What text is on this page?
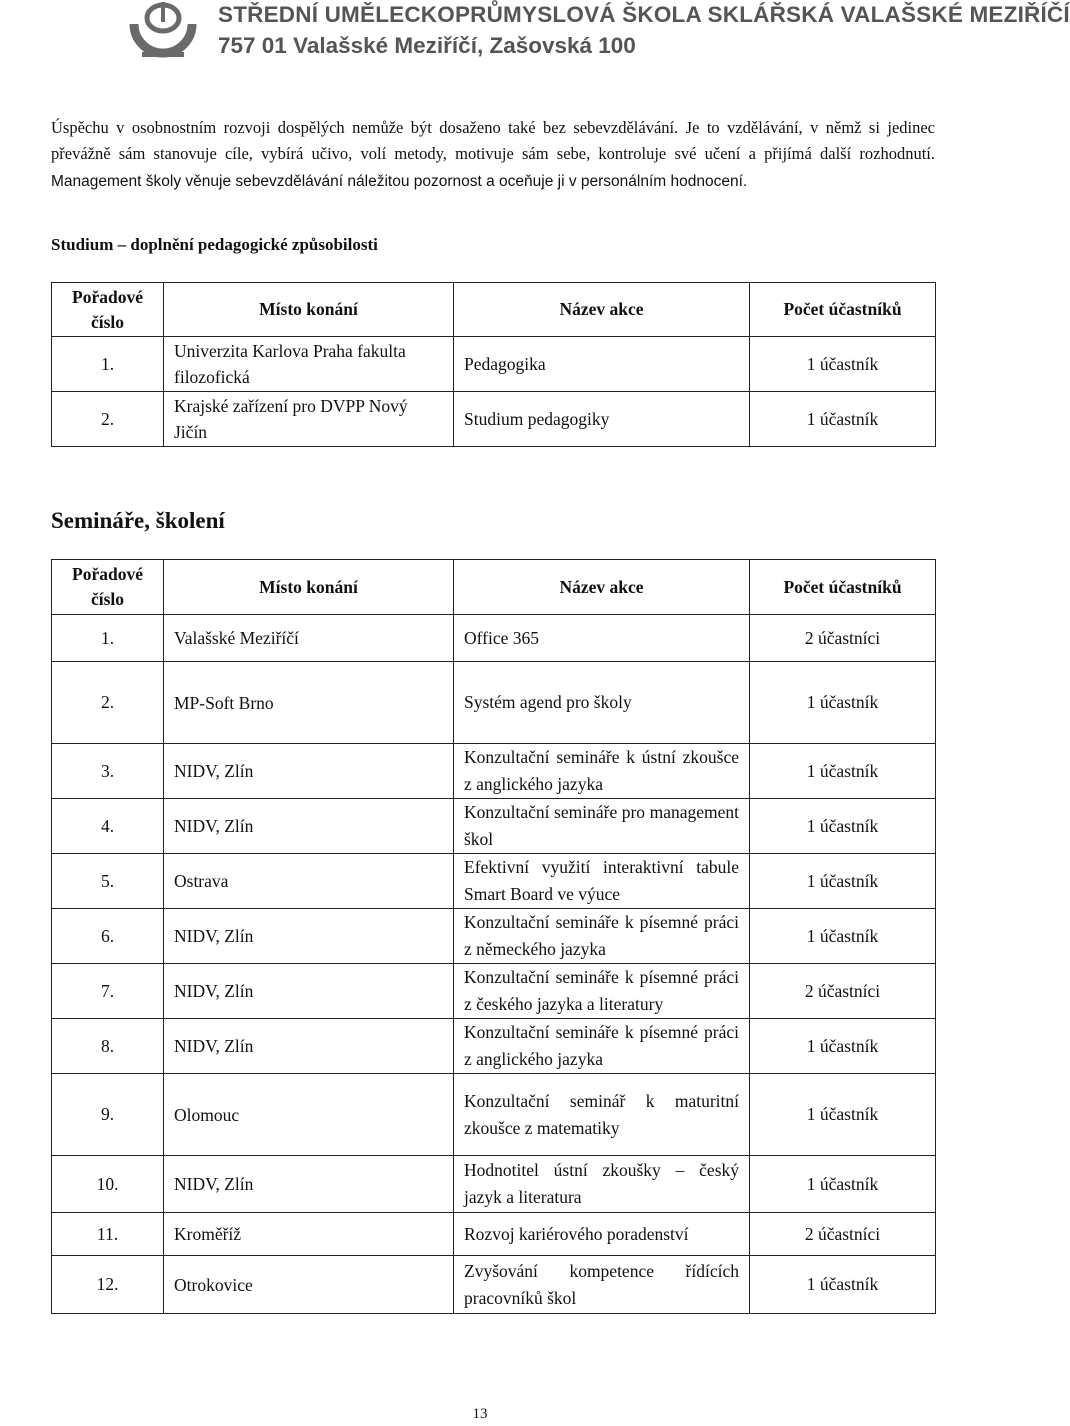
STŘEDNÍ UMĚLECKOPRŮMYSLOVÁ ŠKOLA SKLÁŘSKÁ VALAŠSKÉ MEZIŘÍČÍ
757 01 Valašské Meziříčí, Zašovská 100
Úspěchu v osobnostním rozvoji dospělých nemůže být dosaženo také bez sebevzdělávání. Je to vzdělávání, v němž si jedinec převážně sám stanovuje cíle, vybírá učivo, volí metody, motivuje sám sebe, kontroluje své učení a přijímá další rozhodnutí. Management školy věnuje sebevzdělávání náležitou pozornost a oceňuje ji v personálním hodnocení.
Studium – doplnění pedagogické způsobilosti
Pořadové číslo	Místo konání	Název akce	Počet účastníků
1.	Univerzita Karlova Praha fakulta filozofická	Pedagogika	1 účastník
2.	Krajské zařízení pro DVPP Nový Jičín	Studium pedagogiky	1 účastník
Semináře, školení
Pořadové číslo	Místo konání	Název akce	Počet účastníků
1.	Valašské Meziříčí	Office 365	2 účastníci
2.	MP-Soft Brno	Systém agend pro školy	1 účastník
3.	NIDV, Zlín	Konzultační semináře k ústní zkoušce z anglického jazyka	1 účastník
4.	NIDV, Zlín	Konzultační semináře pro management škol	1 účastník
5.	Ostrava	Efektivní využití interaktivní tabule Smart Board ve výuce	1 účastník
6.	NIDV, Zlín	Konzultační semináře k písemné práci z německého jazyka	1 účastník
7.	NIDV, Zlín	Konzultační semináře k písemné práci z českého jazyka a literatury	2 účastníci
8.	NIDV, Zlín	Konzultační semináře k písemné práci z anglického jazyka	1 účastník
9.	Olomouc	Konzultační seminář k maturitní zkoušce z matematiky	1 účastník
10.	NIDV, Zlín	Hodnotitel ústní zkoušky – český jazyk a literatura	1 účastník
11.	Kroměříž	Rozvoj kariérového poradenství	2 účastníci
12.	Otrokovice	Zvyšování kompetence řídících pracovníků škol	1 účastník
13
